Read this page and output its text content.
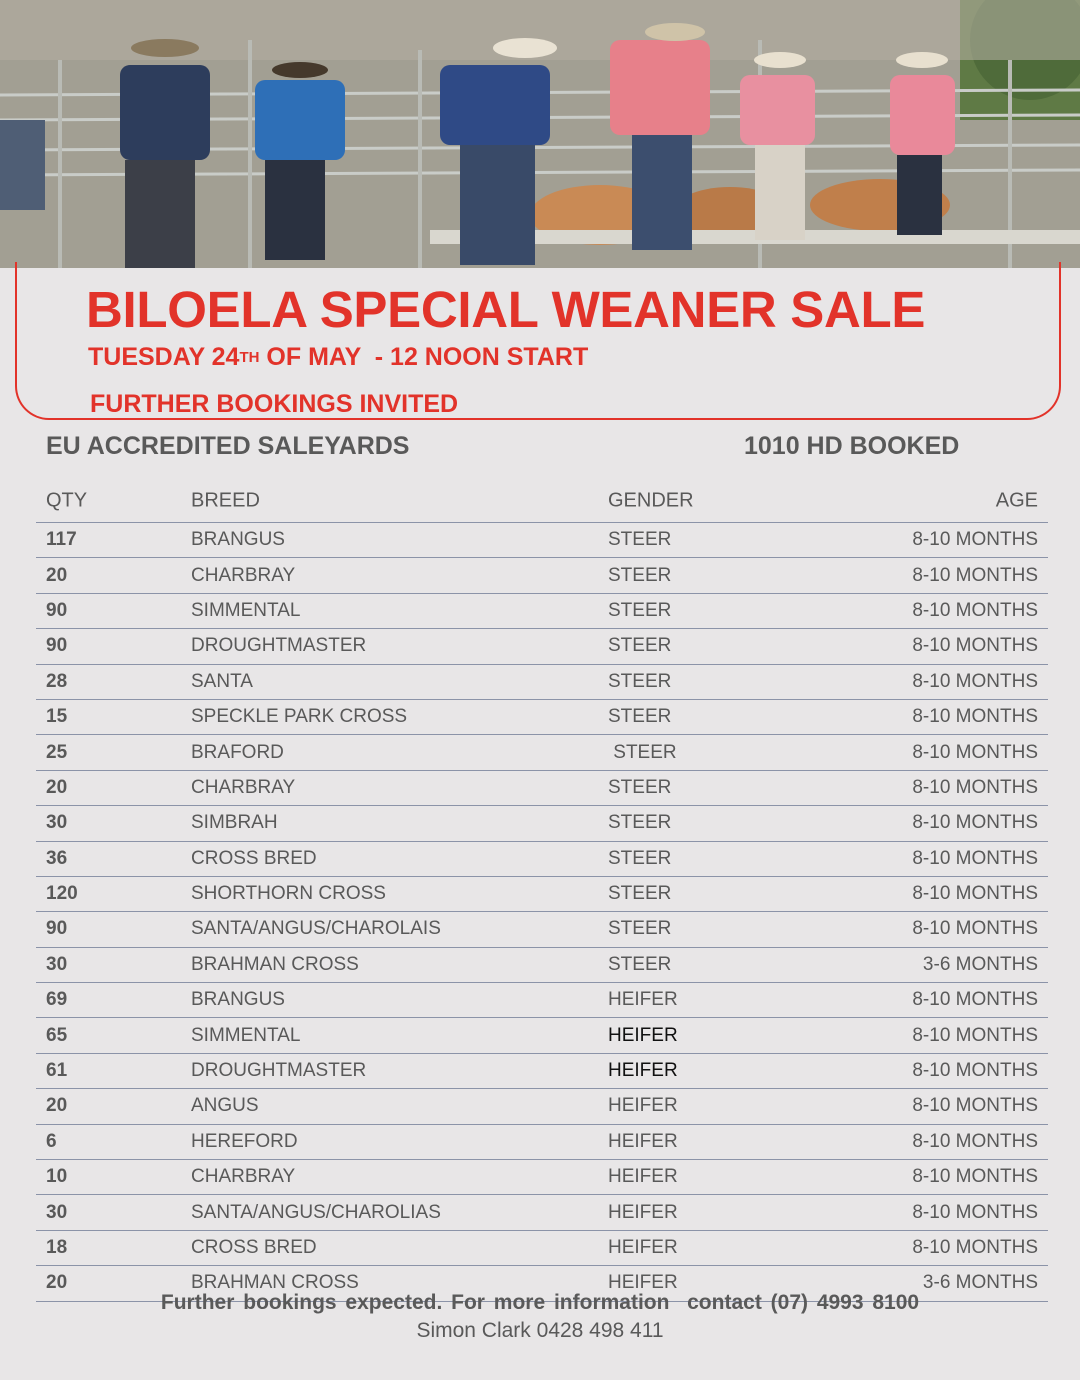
BILOELA SPECIAL WEANER SALE
TUESDAY 24TH OF MAY  - 12 NOON START
FURTHER BOOKINGS INVITED
EU ACCREDITED SALEYARDS	1010 HD BOOKED
QTY	BREED	GENDER	AGE
117	BRANGUS	STEER	8-10 MONTHS
20	CHARBRAY	STEER	8-10 MONTHS
90	SIMMENTAL	STEER	8-10 MONTHS
90	DROUGHTMASTER	STEER	8-10 MONTHS
28	SANTA	STEER	8-10 MONTHS
15	SPECKLE PARK CROSS	STEER	8-10 MONTHS
25	BRAFORD	STEER	8-10 MONTHS
20	CHARBRAY	STEER	8-10 MONTHS
30	SIMBRAH	STEER	8-10 MONTHS
36	CROSS BRED	STEER	8-10 MONTHS
120	SHORTHORN CROSS	STEER	8-10 MONTHS
90	SANTA/ANGUS/CHAROLAIS	STEER	8-10 MONTHS
30	BRAHMAN CROSS	STEER	3-6 MONTHS
69	BRANGUS	HEIFER	8-10 MONTHS
65	SIMMENTAL	HEIFER	8-10 MONTHS
61	DROUGHTMASTER	HEIFER	8-10 MONTHS
20	ANGUS	HEIFER	8-10 MONTHS
6	HEREFORD	HEIFER	8-10 MONTHS
10	CHARBRAY	HEIFER	8-10 MONTHS
30	SANTA/ANGUS/CHAROLIAS	HEIFER	8-10 MONTHS
18	CROSS BRED	HEIFER	8-10 MONTHS
20	BRAHMAN CROSS	HEIFER	3-6 MONTHS
Further bookings expected. For more information  contact (07) 4993 8100
Simon Clark 0428 498 411
